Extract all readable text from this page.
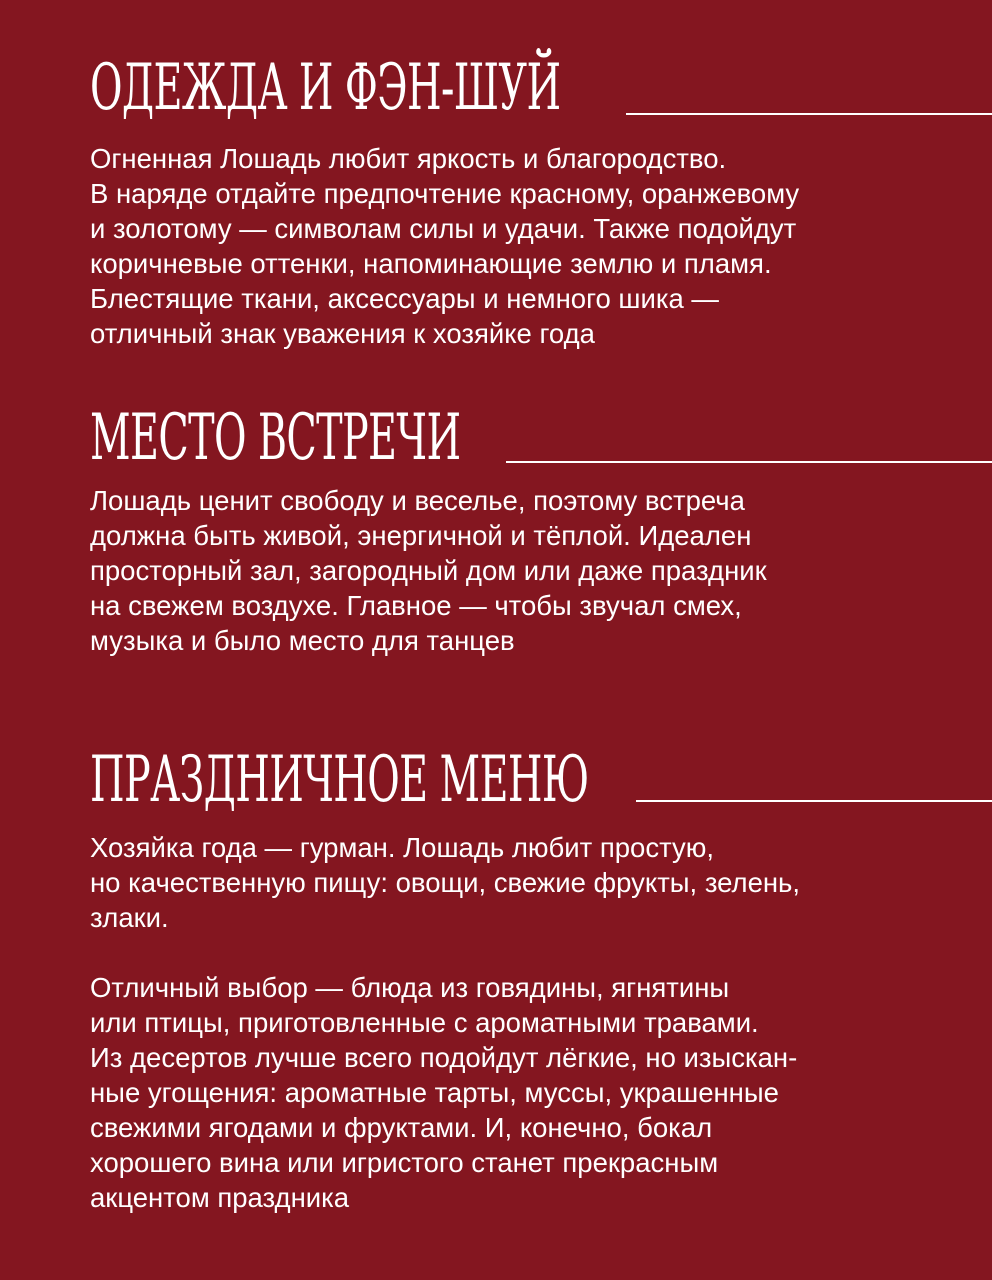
ОДЕЖДА И ФЭН-ШУЙ
Огненная Лошадь любит яркость и благородство.
В наряде отдайте предпочтение красному, оранжевому
и золотому — символам силы и удачи. Также подойдут
коричневые оттенки, напоминающие землю и пламя.
Блестящие ткани, аксессуары и немного шика —
отличный знак уважения к хозяйке года
МЕСТО ВСТРЕЧИ
Лошадь ценит свободу и веселье, поэтому встреча
должна быть живой, энергичной и тёплой. Идеален
просторный зал, загородный дом или даже праздник
на свежем воздухе. Главное — чтобы звучал смех,
музыка и было место для танцев
ПРАЗДНИЧНОЕ МЕНЮ
Хозяйка года — гурман. Лошадь любит простую,
но качественную пищу: овощи, свежие фрукты, зелень,
злаки.
Отличный выбор — блюда из говядины, ягнятины
или птицы, приготовленные с ароматными травами.
Из десертов лучше всего подойдут лёгкие, но изыскан-
ные угощения: ароматные тарты, муссы, украшенные
свежими ягодами и фруктами. И, конечно, бокал
хорошего вина или игристого станет прекрасным
акцентом праздника
